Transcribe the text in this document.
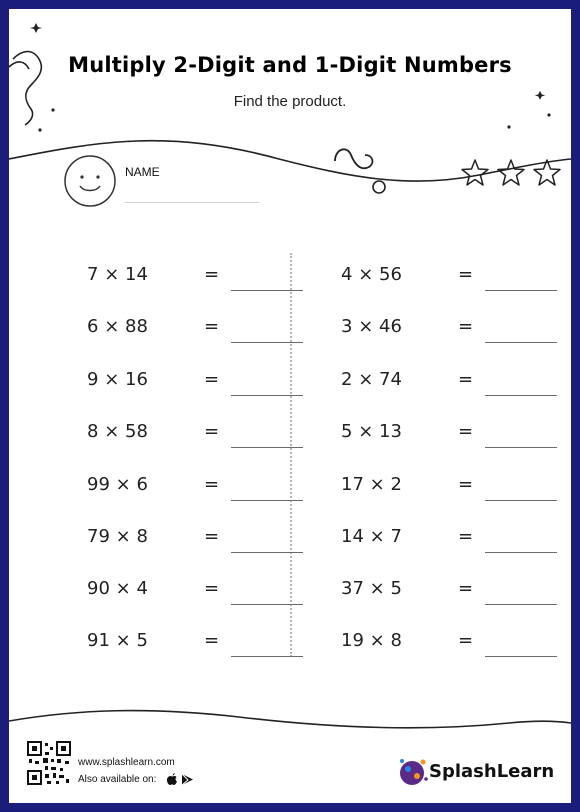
Multiply 2-Digit and 1-Digit Numbers
Find the product.
NAME
7 × 14	=
6 × 88	=
9 × 16	=
8 × 58	=
99 × 6	=
79 × 8	=
90 × 4	=
91 × 5	=
4 × 56	=
3 × 46	=
2 × 74	=
5 × 13	=
17 × 2	=
14 × 7	=
37 × 5	=
19 × 8	=
www.splashlearn.com
Also available on:	SplashLearn
